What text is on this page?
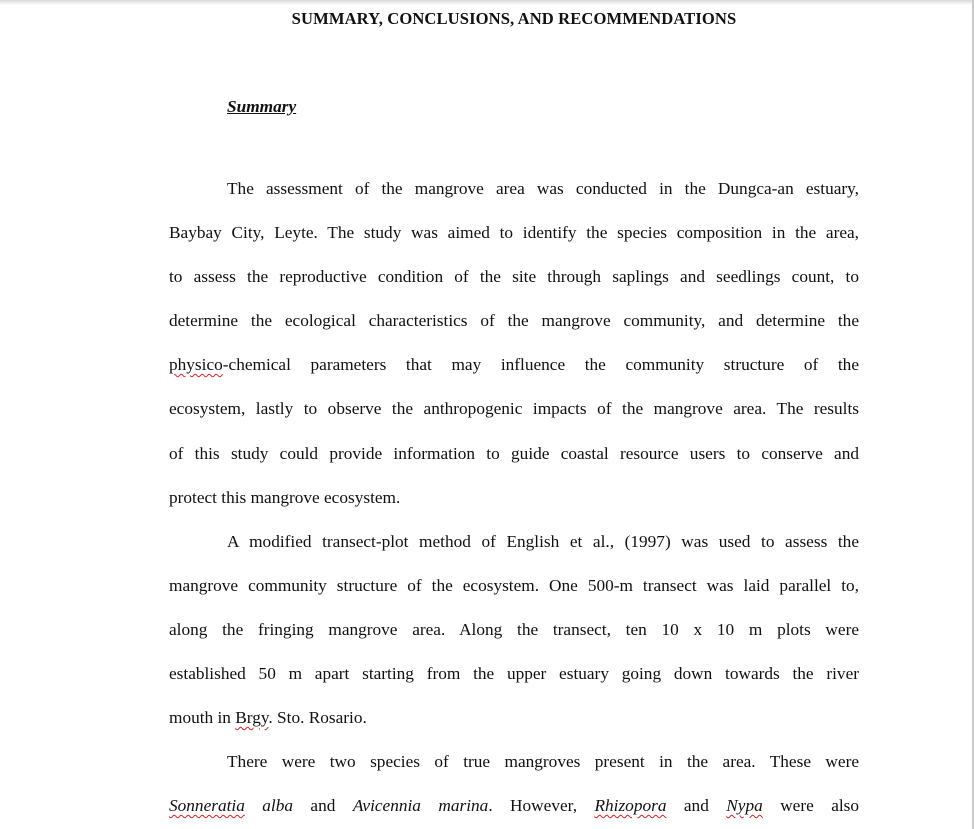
SUMMARY, CONCLUSIONS, AND RECOMMENDATIONS
Summary
The assessment of the mangrove area was conducted in the Dungca-an estuary,
Baybay City, Leyte. The study was aimed to identify the species composition in the area,
to assess the reproductive condition of the site through saplings and seedlings count, to
determine the ecological characteristics of the mangrove community, and determine the
physico-chemical parameters that may influence the community structure of the
ecosystem, lastly to observe the anthropogenic impacts of the mangrove area. The results
of this study could provide information to guide coastal resource users to conserve and
protect this mangrove ecosystem.
A modified transect-plot method of English et al., (1997) was used to assess the
mangrove community structure of the ecosystem. One 500-m transect was laid parallel to,
along the fringing mangrove area. Along the transect, ten 10 x 10 m plots were
established 50 m apart starting from the upper estuary going down towards the river
mouth in Brgy. Sto. Rosario.
There were two species of true mangroves present in the area. These were
Sonneratia alba and Avicennia marina. However, Rhizopora and Nypa were also
